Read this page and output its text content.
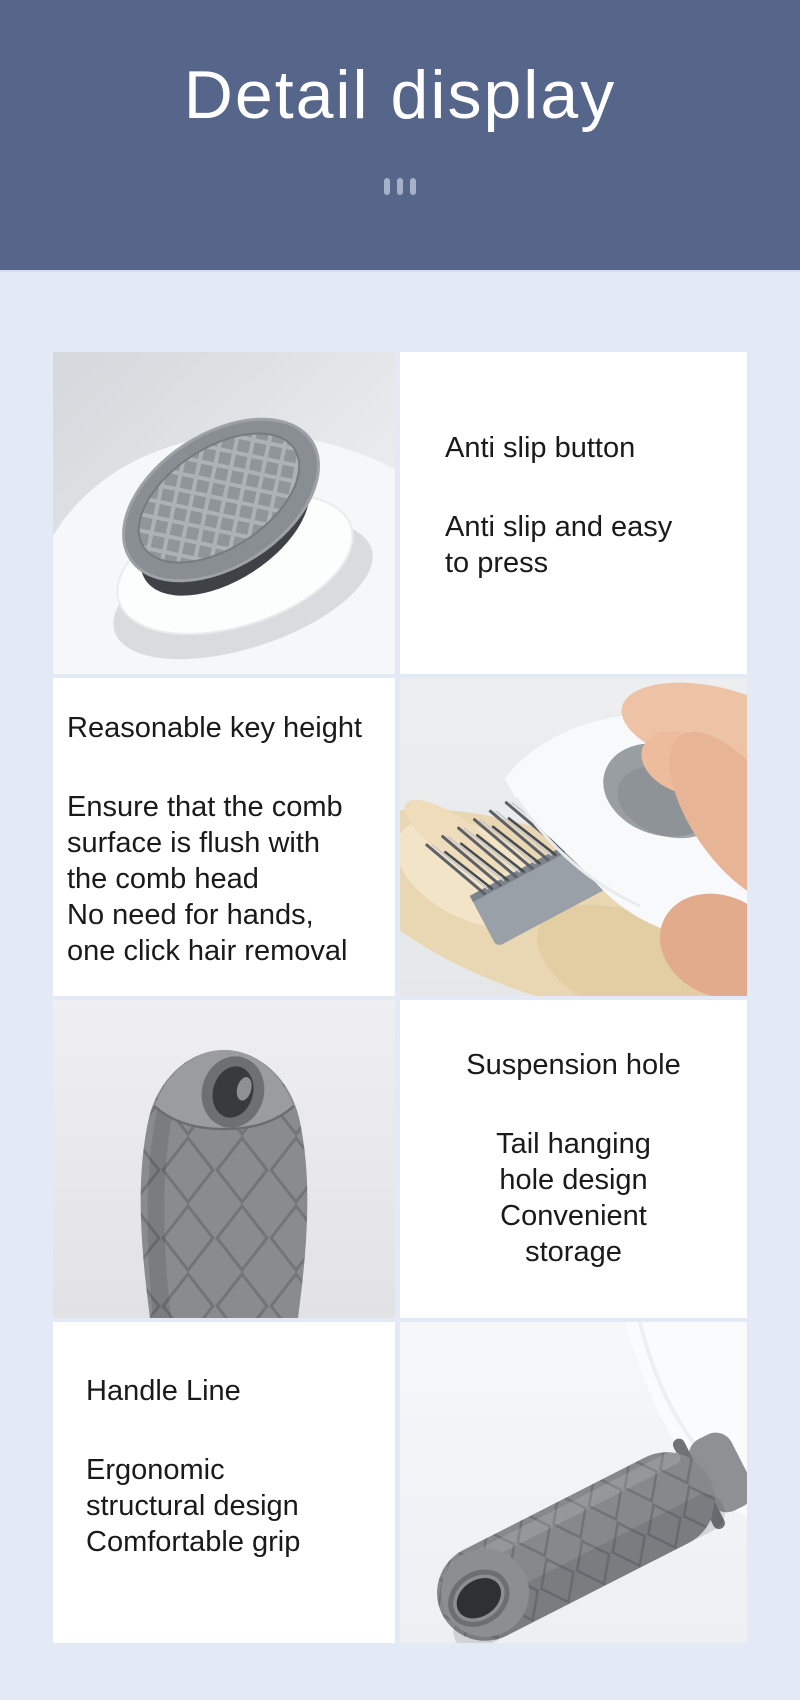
Detail display

Anti slip button

Anti slip and easy
to press

Reasonable key height

Ensure that the comb
surface is flush with
the comb head
No need for hands,
one click hair removal

Suspension hole

Tail hanging
hole design
Convenient
storage

Handle Line

Ergonomic
structural design
Comfortable grip
